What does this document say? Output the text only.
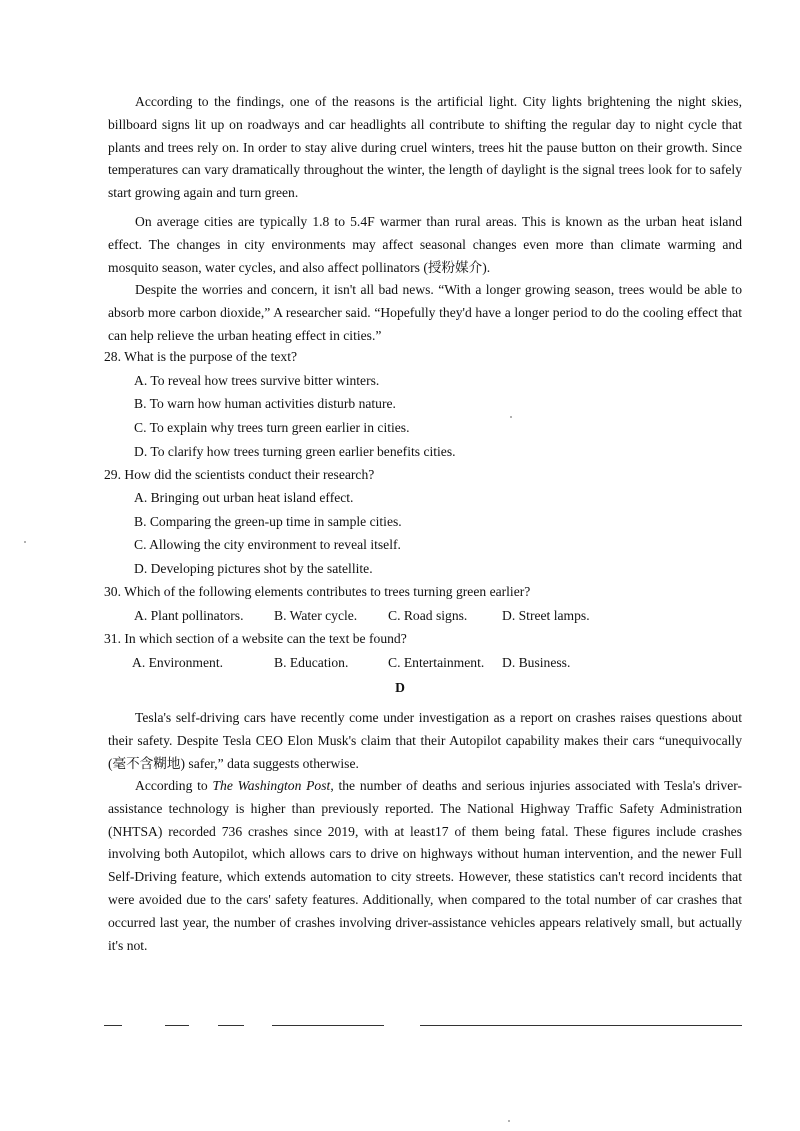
According to the findings, one of the reasons is the artificial light. City lights brightening the night skies, billboard signs lit up on roadways and car headlights all contribute to shifting the regular day to night cycle that plants and trees rely on. In order to stay alive during cruel winters, trees hit the pause button on their growth. Since temperatures can vary dramatically throughout the winter, the length of daylight is the signal trees look for to safely start growing again and turn green.

On average cities are typically 1.8 to 5.4F warmer than rural areas. This is known as the urban heat island effect. The changes in city environments may affect seasonal changes even more than climate warming and mosquito season, water cycles, and also affect pollinators (授粉媒介).

Despite the worries and concern, it isn't all bad news. “With a longer growing season, trees would be able to absorb more carbon dioxide,” A researcher said. “Hopefully they'd have a longer period to do the cooling effect that can help relieve the urban heating effect in cities.”

28. What is the purpose of the text?

A. To reveal how trees survive bitter winters.

B. To warn how human activities disturb nature.

C. To explain why trees turn green earlier in cities.

D. To clarify how trees turning green earlier benefits cities.

29. How did the scientists conduct their research?

A. Bringing out urban heat island effect.

B. Comparing the green-up time in sample cities.

C. Allowing the city environment to reveal itself.

D. Developing pictures shot by the satellite.

30. Which of the following elements contributes to trees turning green earlier?

A. Plant pollinators. B. Water cycle. C. Road signs.	D. Street lamps.

31. In which section of a website can the text be found?

A. Environment.	B. Education.	C. Entertainment. D. Business.

D

Tesla's self-driving cars have recently come under investigation as a report on crashes raises questions about their safety. Despite Tesla CEO Elon Musk's claim that their Autopilot capability makes their cars “unequivocally (毫不含糊地) safer,” data suggests otherwise.

According to The Washington Post, the number of deaths and serious injuries associated with Tesla's driver-assistance technology is higher than previously reported. The National Highway Traffic Safety Administration (NHTSA) recorded 736 crashes since 2019, with at least17 of them being fatal. These figures include crashes involving both Autopilot, which allows cars to drive on highways without human intervention, and the newer Full Self-Driving feature, which extends automation to city streets. However, these statistics can't record incidents that were avoided due to the cars' safety features. Additionally, when compared to the total number of car crashes that occurred last year, the number of crashes involving driver-assistance vehicles appears relatively small, but actually it's not.
